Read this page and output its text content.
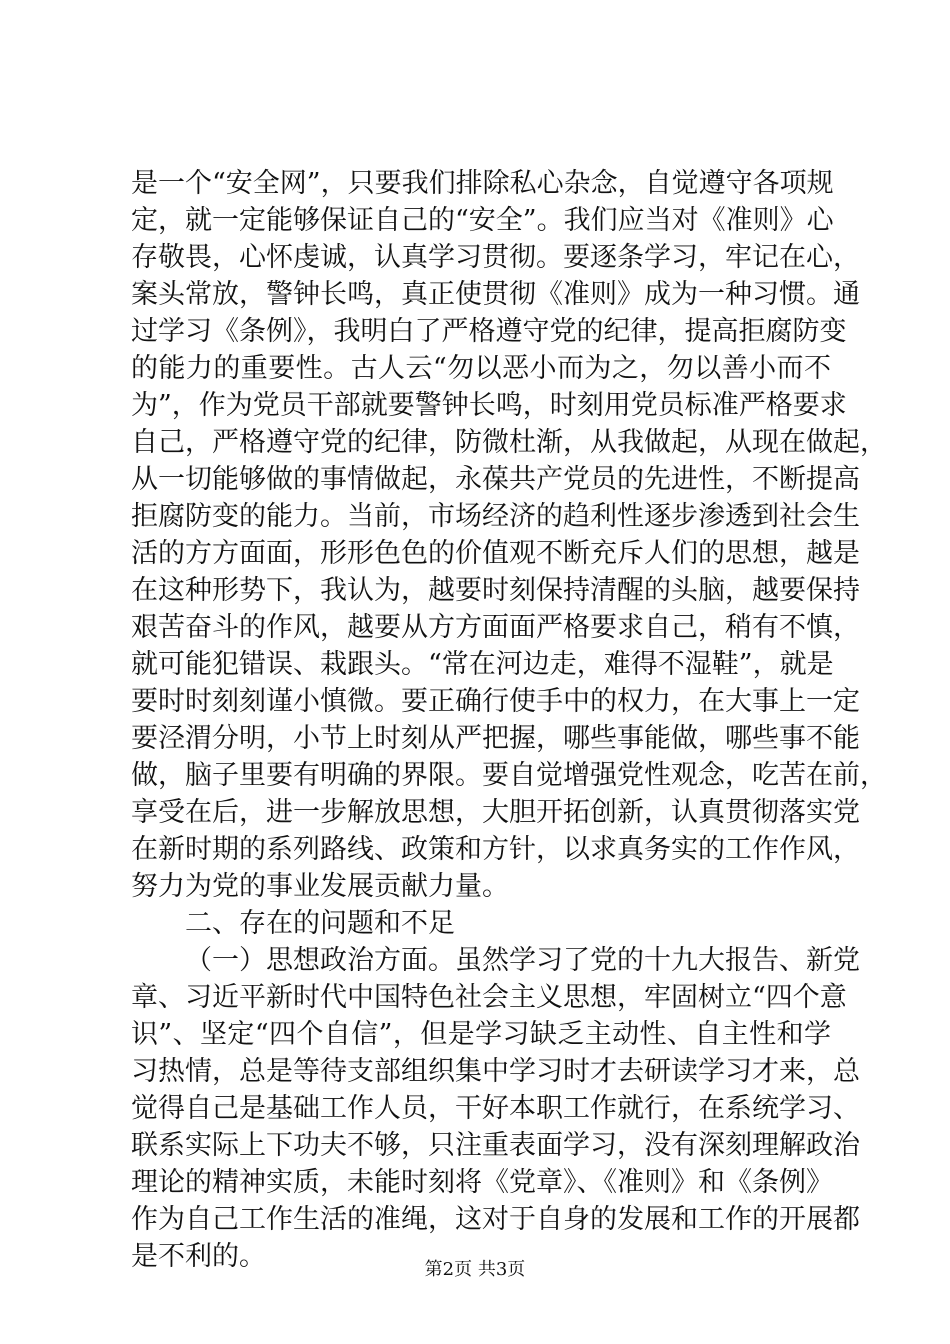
是一个“安全网”，只要我们排除私心杂念，自觉遵守各项规
定，就一定能够保证自己的“安全”。我们应当对《准则》心
存敬畏，心怀虔诚，认真学习贯彻。要逐条学习，牢记在心，
案头常放，警钟长鸣，真正使贯彻《准则》成为一种习惯。通
过学习《条例》，我明白了严格遵守党的纪律，提高拒腐防变
的能力的重要性。古人云“勿以恶小而为之，勿以善小而不
为”，作为党员干部就要警钟长鸣，时刻用党员标准严格要求
自己，严格遵守党的纪律，防微杜渐，从我做起，从现在做起，
从一切能够做的事情做起，永葆共产党员的先进性，不断提高
拒腐防变的能力。当前，市场经济的趋利性逐步渗透到社会生
活的方方面面，形形色色的价值观不断充斥人们的思想，越是
在这种形势下，我认为，越要时刻保持清醒的头脑，越要保持
艰苦奋斗的作风，越要从方方面面严格要求自己，稍有不慎，
就可能犯错误、栽跟头。“常在河边走，难得不湿鞋”，就是
要时时刻刻谨小慎微。要正确行使手中的权力，在大事上一定
要泾渭分明，小节上时刻从严把握，哪些事能做，哪些事不能
做，脑子里要有明确的界限。要自觉增强党性观念，吃苦在前，
享受在后，进一步解放思想，大胆开拓创新，认真贯彻落实党
在新时期的系列路线、政策和方针，以求真务实的工作作风，
努力为党的事业发展贡献力量。
二、存在的问题和不足
（一）思想政治方面。虽然学习了党的十九大报告、新党
章、习近平新时代中国特色社会主义思想，牢固树立“四个意
识”、坚定“四个自信”，但是学习缺乏主动性、自主性和学
习热情，总是等待支部组织集中学习时才去研读学习才来，总
觉得自己是基础工作人员，干好本职工作就行，在系统学习、
联系实际上下功夫不够，只注重表面学习，没有深刻理解政治
理论的精神实质，未能时刻将《党章》、《准则》和《条例》
作为自己工作生活的准绳，这对于自身的发展和工作的开展都
是不利的。	第2页 共3页
